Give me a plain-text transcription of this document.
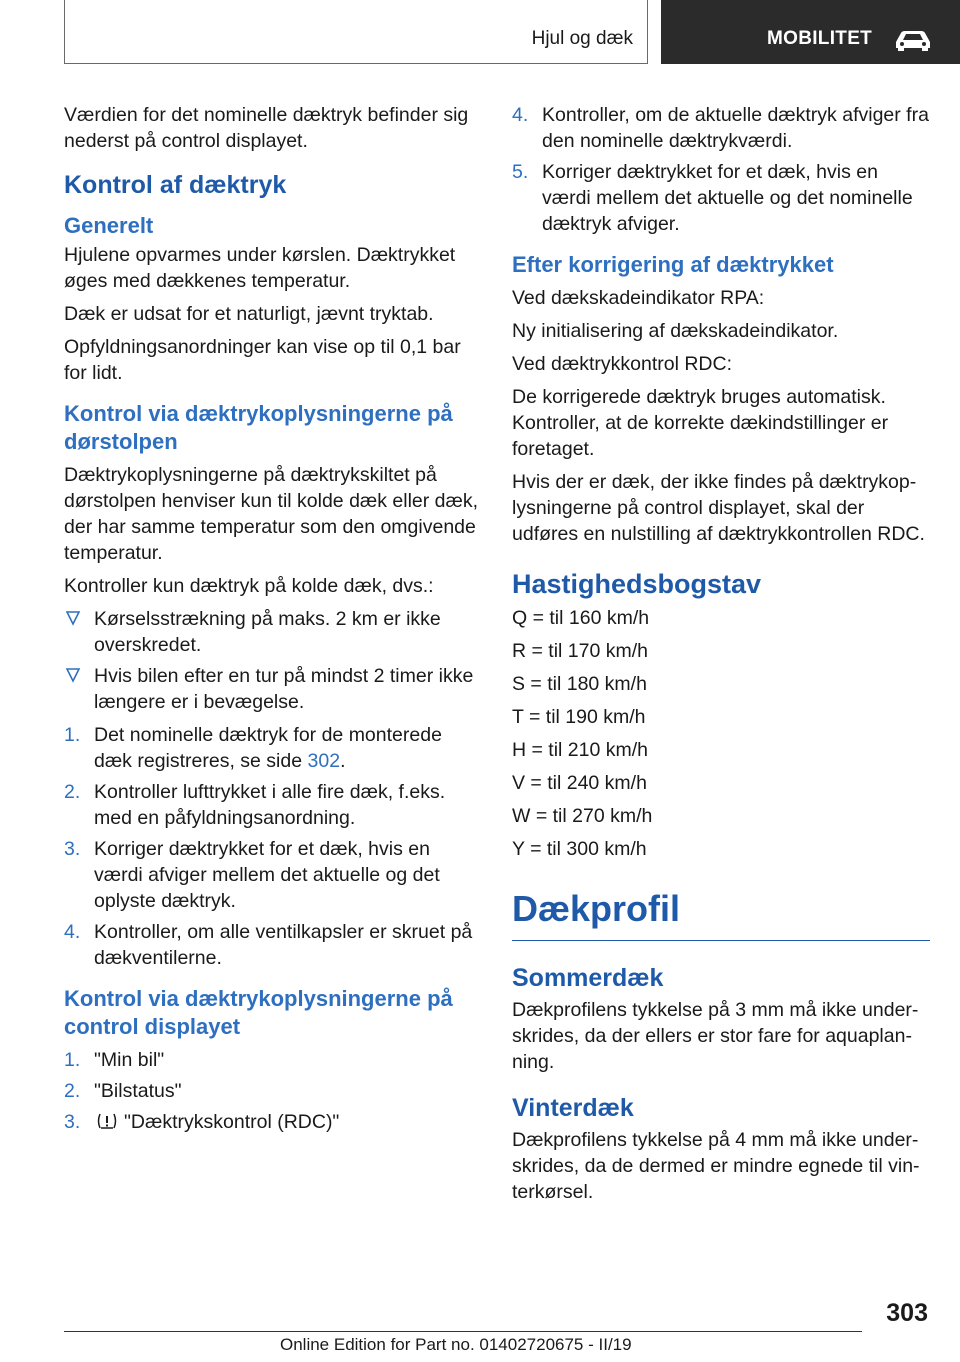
Hjul og dæk	MOBILITET

Værdien for det nominelle dæktryk befinder sig nederst på control displayet.

Kontrol af dæktryk
Generelt

Hjulene opvarmes under kørslen. Dæktrykket øges med dækkenes temperatur.

Dæk er udsat for et naturligt, jævnt tryktab.

Opfyldningsanordninger kan vise op til 0,1 bar for lidt.

Kontrol via dæktrykoplysningerne på dørstolpen

Dæktrykoplysningerne på dæktrykskiltet på dørstolpen henviser kun til kolde dæk eller dæk, der har samme temperatur som den omgivende temperatur.

Kontroller kun dæktryk på kolde dæk, dvs.:

Kørselsstrækning på maks. 2 km er ikke overskredet.
Hvis bilen efter en tur på mindst 2 timer ikke længere er i bevægelse.
1. Det nominelle dæktryk for de monterede dæk registreres, se side 302.
2. Kontroller lufttrykket i alle fire dæk, f.eks. med en påfyldningsanordning.
3. Korriger dæktrykket for et dæk, hvis en værdi afviger mellem det aktuelle og det oplyste dæktryk.
4. Kontroller, om alle ventilkapsler er skruet på dækventilerne.
Kontrol via dæktrykoplysningerne på control displayet
1. "Min bil"
2. "Bilstatus"
3. "Dæktrykskontrol (RDC)"
4. Kontroller, om de aktuelle dæktryk afviger fra den nominelle dæktrykværdi.
5. Korriger dæktrykket for et dæk, hvis en værdi mellem det aktuelle og det nominelle dæktryk afviger.
Efter korrigering af dæktrykket

Ved dækskadeindikator RPA:

Ny initialisering af dækskadeindikator.

Ved dæktrykkontrol RDC:

De korrigerede dæktryk bruges automatisk. Kontroller, at de korrekte dækindstillinger er foretaget.

Hvis der er dæk, der ikke findes på dæktrykoplysningerne på control displayet, skal der udføres en nulstilling af dæktrykkontrollen RDC.

Hastighedsbogstav

Q = til 160 km/h

R = til 170 km/h

S = til 180 km/h

T = til 190 km/h

H = til 210 km/h

V = til 240 km/h

W = til 270 km/h

Y = til 300 km/h

Dækprofil
Sommerdæk

Dækprofilens tykkelse på 3 mm må ikke underskrides, da der ellers er stor fare for aquaplanning.

Vinterdæk

Dækprofilens tykkelse på 4 mm må ikke underskrides, da de dermed er mindre egnede til vinterkørsel.

303
Online Edition for Part no. 01402720675 - II/19
